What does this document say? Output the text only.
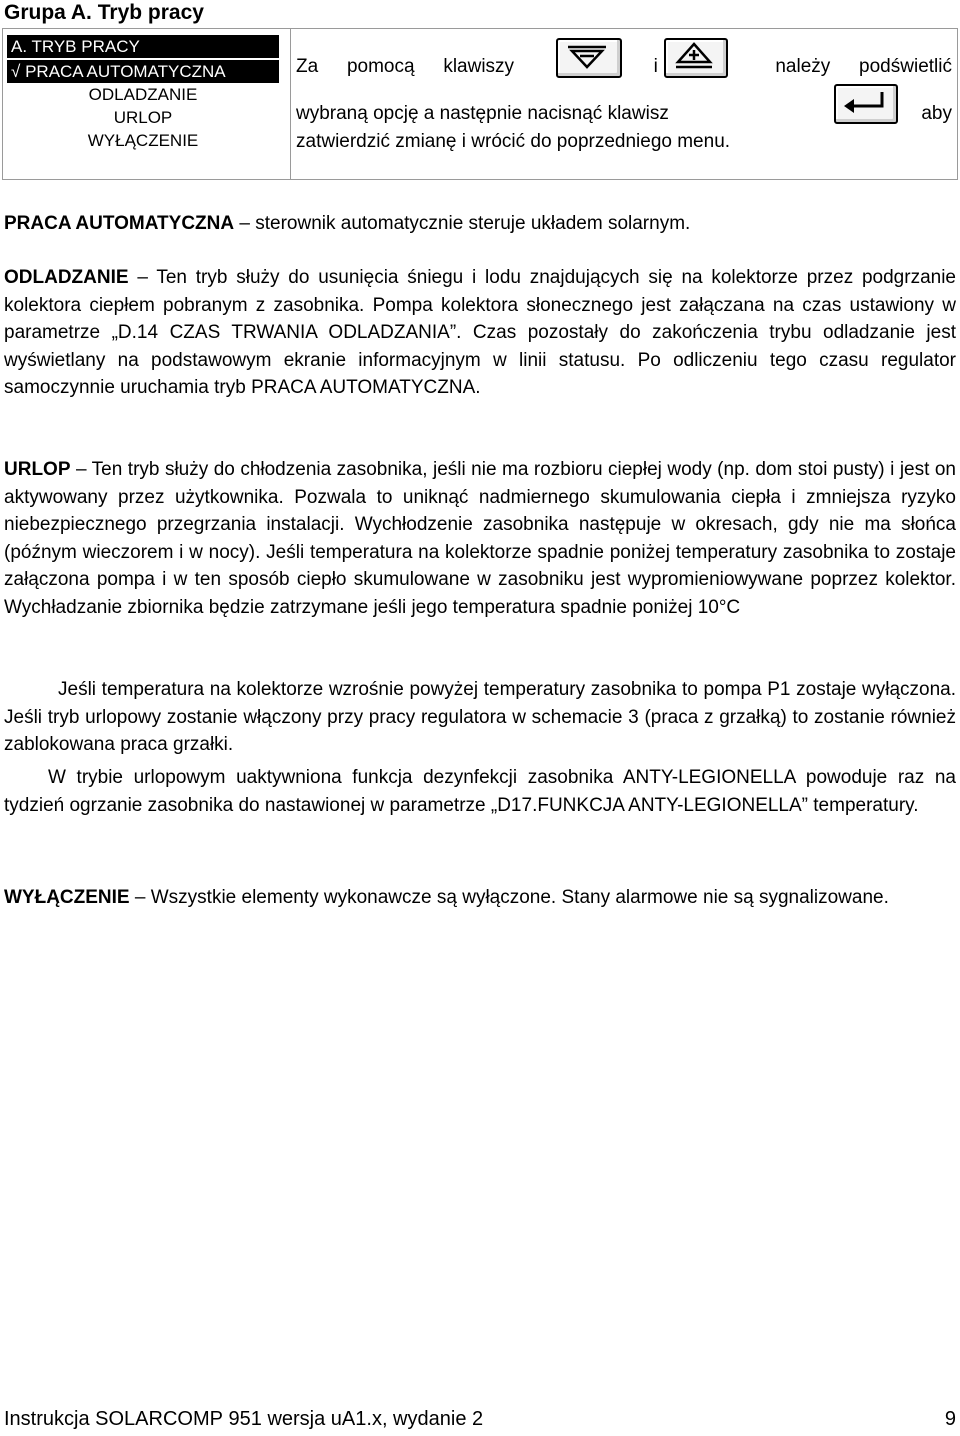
Grupa A. Tryb pracy
A. TRYB PRACY
√ PRACA AUTOMATYCZNA
ODLADZANIE
URLOP
WYŁĄCZENIE
Za pomocą klawiszy	i	należy podświetlić
wybraną opcję a następnie nacisnąć klawisz	aby
zatwierdzić zmianę i wrócić do poprzedniego menu.
PRACA AUTOMATYCZNA – sterownik automatycznie steruje układem solarnym.
ODLADZANIE – Ten tryb służy do usunięcia śniegu i lodu znajdujących się na kolektorze przez podgrzanie kolektora ciepłem pobranym z zasobnika. Pompa kolektora słonecznego jest załączana na czas ustawiony w parametrze „D.14 CZAS TRWANIA ODLADZANIA”. Czas pozostały do zakończenia trybu odladzanie jest wyświetlany na podstawowym ekranie informacyjnym w linii statusu. Po odliczeniu tego czasu regulator samoczynnie uruchamia tryb PRACA AUTOMATYCZNA.
URLOP – Ten tryb służy do chłodzenia zasobnika, jeśli nie ma rozbioru ciepłej wody (np. dom stoi pusty) i jest on aktywowany przez użytkownika. Pozwala to uniknąć nadmiernego skumulowania ciepła i zmniejsza ryzyko niebezpiecznego przegrzania instalacji. Wychłodzenie zasobnika następuje w okresach, gdy nie ma słońca (późnym wieczorem i w nocy). Jeśli temperatura na kolektorze spadnie poniżej temperatury zasobnika to zostaje załączona pompa i w ten sposób ciepło skumulowane w zasobniku jest wypromieniowywane poprzez kolektor. Wychładzanie zbiornika będzie zatrzymane jeśli jego temperatura spadnie poniżej 10°C
Jeśli temperatura na kolektorze wzrośnie powyżej temperatury zasobnika to pompa P1 zostaje wyłączona. Jeśli tryb urlopowy zostanie włączony przy pracy regulatora w schemacie 3 (praca z grzałką) to zostanie również zablokowana praca grzałki.
W trybie urlopowym uaktywniona funkcja dezynfekcji zasobnika ANTY-LEGIONELLA powoduje raz na tydzień ogrzanie zasobnika do nastawionej w parametrze „D17.FUNKCJA ANTY-LEGIONELLA” temperatury.
WYŁĄCZENIE – Wszystkie elementy wykonawcze są wyłączone. Stany alarmowe nie są sygnalizowane.
Instrukcja SOLARCOMP 951 wersja uA1.x, wydanie 2	9
